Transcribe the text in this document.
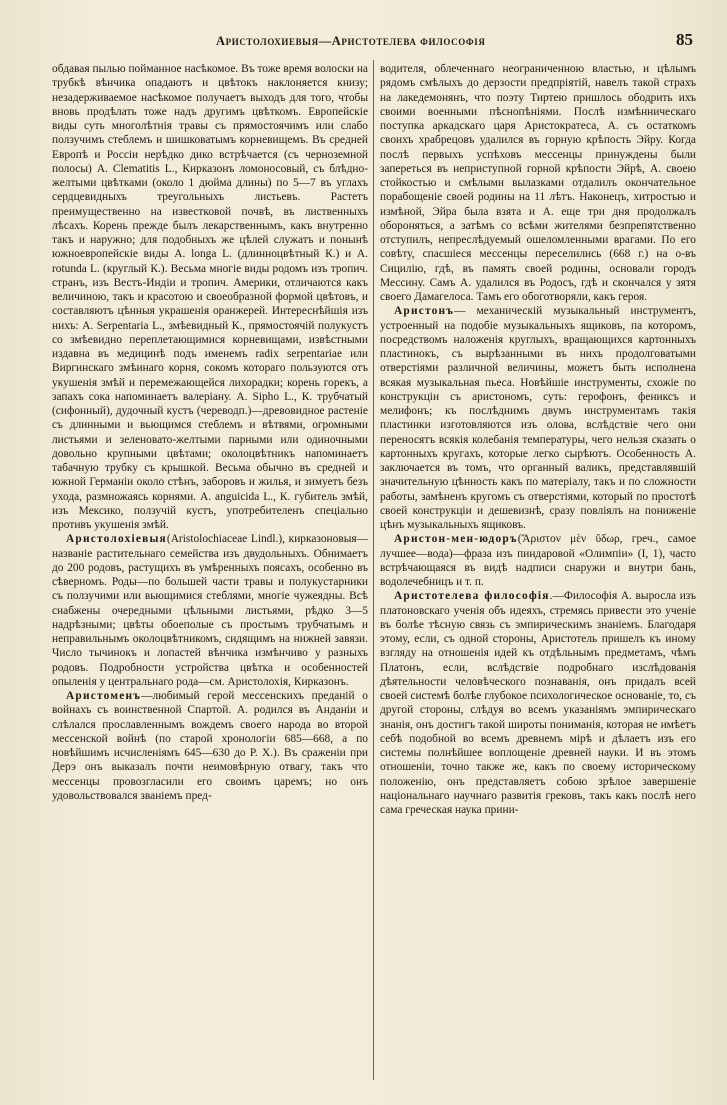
Аристолохиевыя—Аристотелева философія	85

обдавая пылью пойманное насѣкомое. Въ тоже время волоски на трубкѣ вѣнчика опадаютъ и цвѣтокъ наклоняется книзу; незадерживаемое насѣкомое получаетъ выходъ для того, чтобы вновь продѣлать тоже надъ другимъ цвѣткомъ. Европейскіе виды суть многолѣтнія травы съ прямостоячимъ или слабо ползучимъ стеблемъ и шишковатымъ корневищемъ. Въ средней Европѣ и Россіи нерѣдко дико встрѣчается (съ черноземной полосы) A. Clematitis L., Кирказонъ ломоносовый, съ блѣдно-желтыми цвѣтками (около 1 дюйма длины) по 5—7 въ углахъ сердцевидныхъ треугольныхъ листьевъ. Растетъ преимущественно на известковой почвѣ, въ лиственныхъ лѣсахъ. Корень прежде былъ лекарственнымъ, какъ внутренно такъ и наружно; для подобныхъ же цѣлей служатъ и понынѣ южноевропейскіе виды A. longa L. (длинноцвѣтный К.) и A. rotunda L. (круглый К.). Весьма многіе виды родомъ изъ тропич. странъ, изъ Вестъ-Индіи и тропич. Америки, отличаются какъ величиною, такъ и красотою и своеобразной формой цвѣтовъ, и составляютъ цѣнныя украшенія оранжерей. Интереснѣйшія изъ нихъ: A. Serpentaria L., змѣевидный К., прямостоячій полукустъ со змѣевидно переплетающимися корневищами, извѣстными издавна въ медицинѣ подъ именемъ radix serpentariae или Виргинскаго змѣинаго корня, сокомъ котораго пользуются отъ укушенія змѣй и перемежающейся лихорадки; корень горекъ, а запахъ сока напоминаетъ валеріану. A. Sipho L., К. трубчатый (сифонный), дудочный кустъ (череводп.)—древовидное растеніе съ длинными и вьющимся стеблемъ и вѣтвями, огромными листьями и зеленовато-желтыми парными или одиночными довольно крупными цвѣтами; околоцвѣтникъ напоминаетъ табачную трубку съ крышкой. Весьма обычно въ средней и южной Германіи около стѣнъ, заборовъ и жилья, и зимуетъ безъ ухода, размножаясь корнями. A. anguicida L., К. губитель змѣй, изъ Мексико, ползучій кустъ, употребителенъ спеціально противъ укушенія змѣй.

Аристолохіевыя(Aristolochiaceae Lindl.), кирказоновыя—названіе растительнаго семейства изъ двудольныхъ. Обнимаетъ до 200 родовъ, растущихъ въ умѣренныхъ поясахъ, особенно въ сѣверномъ. Роды—по большей части травы и полукустарники съ ползучими или вьющимися стеблями, многіе чужеядны. Всѣ снабжены очередными цѣльными листьями, рѣдко 3—5 надрѣзными; цвѣты обоеполые съ простымъ трубчатымъ и неправильнымъ околоцвѣтникомъ, сидящимъ на нижней завязи. Число тычинокъ и лопастей вѣнчика измѣнчиво у разныхъ родовъ. Подробности устройства цвѣтка и особенностей опыленія у центральнаго рода—см. Аристолохія, Кирказонъ.

Аристоменъ—любимый герой мессенскихъ преданій о войнахъ съ воинственной Спартой. А. родился въ Анданіи и слѣлался прославленнымъ вождемъ своего народа во второй мессенской войнѣ (по старой хронологіи 685—668, а по новѣйшимъ исчисленіямъ 645—630 до Р. Х.). Въ сраженіи при Дерэ онъ выказалъ почти неимовѣрную отвагу, такъ что мессенцы провозгласили его своимъ царемъ; но онъ удовольствовался званіемъ пред-

водителя, облеченнаго неограниченною властью, и цѣлымъ рядомъ смѣлыхъ до дерзости предпріятій, навелъ такой страхъ на лакедемонянъ, что поэту Тиртею пришлось ободрить ихъ своими военными пѣснопѣніями. Послѣ измѣнническаго поступка аркадскаго царя Аристократеса, А. съ остаткомъ своихъ храбрецовъ удалился въ горную крѣпость Эйру. Когда послѣ первыхъ успѣховъ мессенцы принуждены были запереться въ неприступной горной крѣпости Эйрѣ, А. своею стойкостью и смѣлыми вылазками отдалилъ окончательное порабощеніе своей родины на 11 лѣтъ. Наконецъ, хитростью и измѣной, Эйра была взята и А. еще три дня продолжалъ обороняться, а затѣмъ со всѣми жителями безпрепятственно отступилъ, непреслѣдуемый ошеломленными врагами. По его совѣту, спасшіеся мессенцы переселились (668 г.) на о-въ Сицилію, гдѣ, въ память своей родины, основали городъ Мессину. Самъ А. удалился въ Родосъ, гдѣ и скончался у зятя своего Дамагелоса. Тамъ его обоготворяли, какъ героя.

Аристонъ— механическій музыкальный инструментъ, устроенный на подобіе музыкальныхъ ящиковъ, па которомъ, посредствомъ наложенія круглыхъ, вращающихся картонныхъ пластинокъ, съ вырѣзанными въ нихъ продолговатыми отверстіями различной величины, можетъ быть исполнена всякая музыкальная пьеса. Новѣйшіе инструменты, схожіе по конструкціи съ аристономъ, суть: герофонъ, фениксъ и мелифонъ; къ послѣднимъ двумъ инструментамъ такія пластинки изготовляются изъ олова, вслѣдствіе чего они переносятъ всякія колебанія температуры, чего нельзя сказать о картонныхъ кругахъ, которые легко сырѣютъ. Особенность А. заключается въ томъ, что органный валикъ, представлявшій значительную цѣнность какъ по матеріалу, такъ и по сложности работы, замѣненъ кругомъ съ отверстіями, который по простотѣ своей конструкціи и дешевизнѣ, сразу повліялъ на пониженіе цѣнъ музыкальныхъ ящиковъ.

Аристон-мен-юдоръ(Ἄριστον μὲν ὕδωρ, греч., самое лучшее—вода)—фраза изъ пиндаровой «Олимпіи» (I, 1), часто встрѣчающаяся въ видѣ надписи снаружи и внутри бань, водолечебницъ и т. п.

Аристотелева философія.—Философія А. выросла изъ платоновскаго ученія объ идеяхъ, стремясь привести это ученіе въ болѣе тѣсную связь съ эмпирическимъ знаніемъ. Благодаря этому, если, съ одной стороны, Аристотель пришелъ къ иному взгляду на отношенія идей къ отдѣльнымъ предметамъ, чѣмъ Платонъ, если, вслѣдствіе подробнаго изслѣдованія дѣятельности человѣческого познаванія, онъ придалъ всей своей системѣ болѣе глубокое психологическое основаніе, то, съ другой стороны, слѣдуя во всемъ указаніямъ эмпирическаго знанія, онъ достигъ такой широты пониманія, которая не имѣетъ себѣ подобной во всемъ древнемъ мірѣ и дѣлаетъ изъ его системы полнѣйшее воплощеніе древней науки. И въ этомъ отношеніи, точно также же, какъ по своему историческому положенію, онъ представляетъ собою зрѣлое завершеніе національнаго научнаго развитія грековъ, такъ какъ послѣ него сама греческая наука прини-
